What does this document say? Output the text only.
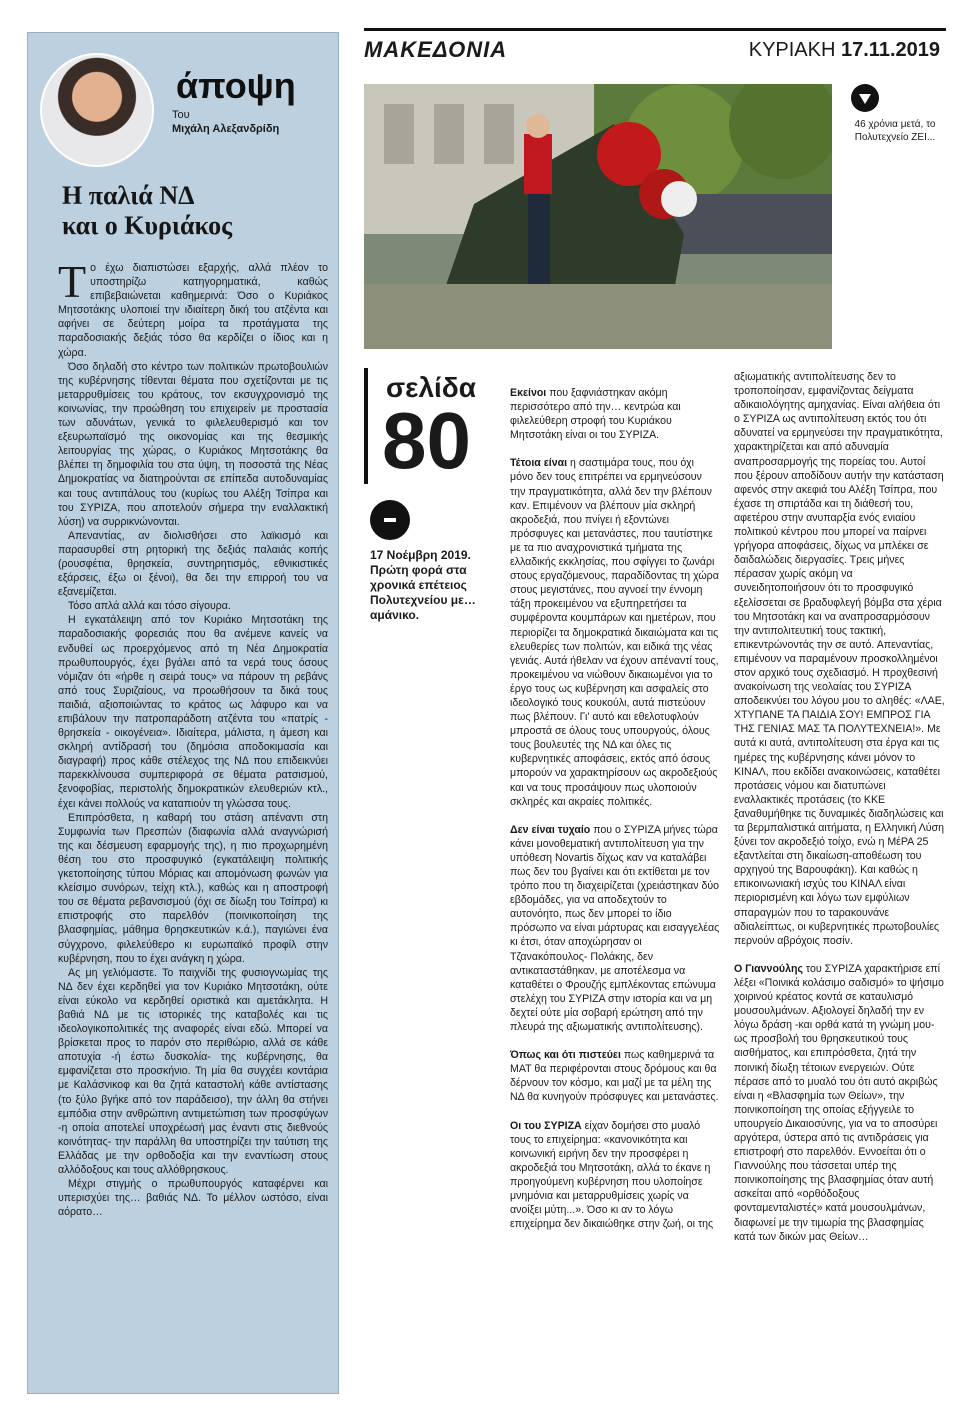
άποψη
Του
Μιχάλη Αλεξανδρίδη
Η παλιά ΝΔ
και ο Κυριάκος

Το έχω διαπιστώσει εξαρχής, αλλά πλέον το υποστηρίζω κατηγορηματικά, καθώς επιβεβαιώνεται καθημερινά: Όσο ο Κυριάκος Μητσοτάκης υλοποιεί την ιδιαίτερη δική του ατζέντα και αφήνει σε δεύτερη μοίρα τα προτάγματα της παραδοσιακής δεξιάς τόσο θα κερδίζει ο ίδιος και η χώρα.

Όσο δηλαδή στο κέντρο των πολιτικών πρωτοβουλιών της κυβέρνησης τίθενται θέματα που σχετίζονται με τις μεταρρυθμίσεις του κράτους, τον εκσυγχρονισμό της κοινωνίας, την προώθηση του επιχειρείν με προστασία των αδυνάτων, γενικά το φιλελευθερισμό και τον εξευρωπαϊσμό της οικονομίας και της θεσμικής λειτουργίας της χώρας, ο Κυριάκος Μητσοτάκης θα βλέπει τη δημοφιλία του στα ύψη, τη ποσοστά της Νέας Δημοκρατίας να διατηρούνται σε επίπεδα αυτοδυναμίας και τους αντιπάλους του (κυρίως του Αλέξη Τσίπρα και του ΣΥΡΙΖΑ, που αποτελούν σήμερα την εναλλακτική λύση) να συρρικνώνονται.

Απεναντίας, αν διολισθήσει στο λαϊκισμό και παρασυρθεί στη ρητορική της δεξιάς παλαιάς κοπής (ρουσφέτια, θρησκεία, συντηρητισμός, εθνικιστικές εξάρσεις, έξω οι ξένοι), θα δει την επιρροή του να εξανεμίζεται.

Τόσο απλά αλλά και τόσο σίγουρα.

Η εγκατάλειψη από τον Κυριάκο Μητσοτάκη της παραδοσιακής φορεσιάς που θα ανέμενε κανείς να ενδυθεί ως προερχόμενος από τη Νέα Δημοκρατία πρωθυπουργός, έχει βγάλει από τα νερά τους όσους νόμιζαν ότι «ήρθε η σειρά τους» να πάρουν τη ρεβάνς από τους Συριζαίους, να προωθήσουν τα δικά τους παιδιά, αξιοποιώντας το κράτος ως λάφυρο και να επιβάλουν την πατροπαράδοτη ατζέντα του «πατρίς - θρησκεία - οικογένεια». Ιδιαίτερα, μάλιστα, η άμεση και σκληρή αντίδρασή του (δημόσια αποδοκιμασία και διαγραφή) προς κάθε στέλεχος της ΝΔ που επιδεικνύει παρεκκλίνουσα συμπεριφορά σε θέματα ρατσισμού, ξενοφοβίας, περιστολής δημοκρατικών ελευθεριών κτλ., έχει κάνει πολλούς να καταπιούν τη γλώσσα τους.

Επιπρόσθετα, η καθαρή του στάση απέναντι στη Συμφωνία των Πρεσπών (διαφωνία αλλά αναγνώρισή της και δέσμευση εφαρμογής της), η πιο προχωρημένη θέση του στο προσφυγικό (εγκατάλειψη πολιτικής γκετοποίησης τύπου Μόριας και απομόνωση φωνών για κλείσιμο συνόρων, τείχη κτλ.), καθώς και η αποστροφή του σε θέματα ρεβανσισμού (όχι σε δίωξη του Τσίπρα) κι επιστροφής στο παρελθόν (ποινικοποίηση της βλασφημίας, μάθημα θρησκευτικών κ.ά.), παγιώνει ένα σύγχρονο, φιλελεύθερο κι ευρωπαϊκό προφίλ στην κυβέρνηση, που το έχει ανάγκη η χώρα.

Ας μη γελιόμαστε. Το παιχνίδι της φυσιογνωμίας της ΝΔ δεν έχει κερδηθεί για τον Κυριάκο Μητσοτάκη, ούτε είναι εύκολο να κερδηθεί οριστικά και αμετάκλητα. Η βαθιά ΝΔ με τις ιστορικές της καταβολές και τις ιδεολογικοπολιτικές της αναφορές είναι εδώ. Μπορεί να βρίσκεται προς το παρόν στο περιθώριο, αλλά σε κάθε αποτυχία -ή έστω δυσκολία- της κυβέρνησης, θα εμφανίζεται στο προσκήνιο. Τη μία θα συγχέει κοντάρια με Καλάσνικοφ και θα ζητά καταστολή κάθε αντίστασης (το ξύλο βγήκε από τον παράδεισο), την άλλη θα στήνει εμπόδια στην ανθρώπινη αντιμετώπιση των προσφύγων -η οποία αποτελεί υποχρέωσή μας έναντι στις διεθνούς κοινότητας- την παράλλη θα υποστηρίζει την ταύτιση της Ελλάδας με την ορθοδοξία και την εναντίωση στους αλλόδοξους και τους αλλόθρησκους.

Μέχρι στιγμής ο πρωθυπουργός καταφέρνει και υπερισχύει της… βαθιάς ΝΔ. Το μέλλον ωστόσο, είναι αόρατο…

ΜΑΚΕΔΟΝΙΑ	ΚΥΡΙΑΚΗ 17.11.2019
46 χρόνια μετά, το Πολυτεχνείο ΖΕΙ...
σελίδα
80
17 Νοέμβρη 2019. Πρώτη φορά στα χρονικά επέτειος Πολυτεχνείου με… αμάνικο.

Εκείνοι που ξαφνιάστηκαν ακόμη περισσότερο από την… κεντρώα και φιλελεύθερη στροφή του Κυριάκου Μητσοτάκη είναι οι του ΣΥΡΙΖΑ.

Τέτοια είναι η σαστιμάρα τους, που όχι μόνο δεν τους επιτρέπει να ερμηνεύσουν την πραγματικότητα, αλλά δεν την βλέπουν καν. Επιμένουν να βλέπουν μία σκληρή ακροδεξιά, που πνίγει ή εξοντώνει πρόσφυγες και μετανάστες, που ταυτίστηκε με τα πιο αναχρονιστικά τμήματα της ελλαδικής εκκλησίας, που σφίγγει το ζωνάρι στους εργαζόμενους, παραδίδοντας τη χώρα στους μεγιστάνες, που αγνοεί την έννομη τάξη προκειμένου να εξυπηρετήσει τα συμφέροντα κουμπάρων και ημετέρων, που περιορίζει τα δημοκρατικά δικαιώματα και τις ελευθερίες των πολιτών, και ειδικά της νέας γενιάς. Αυτά ήθελαν να έχουν απέναντί τους, προκειμένου να νιώθουν δικαιωμένοι για το έργο τους ως κυβέρνηση και ασφαλείς στο ιδεολογικό τους κουκούλι, αυτά πιστεύουν πως βλέπουν. Γι' αυτό και εθελοτυφλούν μπροστά σε όλους τους υπουργούς, όλους τους βουλευτές της ΝΔ και όλες τις κυβερνητικές αποφάσεις, εκτός από όσους μπορούν να χαρακτηρίσουν ως ακροδεξιούς και να τους προσάψουν πως υλοποιούν σκληρές και ακραίες πολιτικές.

Δεν είναι τυχαίο που ο ΣΥΡΙΖΑ μήνες τώρα κάνει μονοθεματική αντιπολίτευση για την υπόθεση Novartis δίχως καν να καταλάβει πως δεν του βγαίνει και ότι εκτίθεται με τον τρόπο που τη διαχειρίζεται (χρειάστηκαν δύο εβδομάδες, για να αποδεχτούν το αυτονόητο, πως δεν μπορεί το ίδιο πρόσωπο να είναι μάρτυρας και εισαγγελέας κι έτσι, όταν αποχώρησαν οι Τζανακόπουλος- Πολάκης, δεν αντικαταστάθηκαν, με αποτέλεσμα να καταθέτει ο Φρουζής εμπλέκοντας επώνυμα στελέχη του ΣΥΡΙΖΑ στην ιστορία και να μη δεχτεί ούτε μία σοβαρή ερώτηση από την πλευρά της αξιωματικής αντιπολίτευσης).

Όπως και ότι πιστεύει πως καθημερινά τα ΜΑΤ θα περιφέρονται στους δρόμους και θα δέρνουν τον κόσμο, και μαζί με τα μέλη της ΝΔ θα κυνηγούν πρόσφυγες και μετανάστες.

Οι του ΣΥΡΙΖΑ είχαν δομήσει στο μυαλό τους το επιχείρημα: «κανονικότητα και κοινωνική ειρήνη δεν την προσφέρει η ακροδεξιά του Μητσοτάκη, αλλά το έκανε η προηγούμενη κυβέρνηση που υλοποίησε μνημόνια και μεταρρυθμίσεις χωρίς να ανοίξει μύτη...». Όσο κι αν το λόγω επιχείρημα δεν δικαιώθηκε στην ζωή, οι της

αξιωματικής αντιπολίτευσης δεν το τροποποίησαν, εμφανίζοντας δείγματα αδικαιολόγητης αμηχανίας. Είναι αλήθεια ότι ο ΣΥΡΙΖΑ ως αντιπολίτευση εκτός του ότι αδυνατεί να ερμηνεύσει την πραγματικότητα, χαρακτηρίζεται και από αδυναμία αναπροσαρμογής της πορείας του. Αυτοί που ξέρουν αποδίδουν αυτήν την κατάσταση αφενός στην ακεφιά του Αλέξη Τσίπρα, που έχασε τη σπιρτάδα και τη διάθεσή του, αφετέρου στην ανυπαρξία ενός ενιαίου πολιτικού κέντρου που μπορεί να παίρνει γρήγορα αποφάσεις, δίχως να μπλέκει σε δαιδαλώδεις διεργασίες. Τρεις μήνες πέρασαν χωρίς ακόμη να συνειδητοποιήσουν ότι το προσφυγικό εξελίσσεται σε βραδυφλεγή βόμβα στα χέρια του Μητσοτάκη και να αναπροσαρμόσουν την αντιπολιτευτική τους τακτική, επικεντρώνοντάς την σε αυτό. Απεναντίας, επιμένουν να παραμένουν προσκολλημένοι στον αρχικό τους σχεδιασμό. Η προχθεσινή ανακοίνωση της νεολαίας του ΣΥΡΙΖΑ αποδεικνύει του λόγου μου το αληθές: «ΛΑΕ, ΧΤΥΠΑΝΕ ΤΑ ΠΑΙΔΙΑ ΣΟΥ! ΕΜΠΡΟΣ ΓΙΑ ΤΗΣ ΓΕΝΙΑΣ ΜΑΣ ΤΑ ΠΟΛΥΤΕΧΝΕΙΑ!». Με αυτά κι αυτά, αντιπολίτευση στα έργα και τις ημέρες της κυβέρνησης κάνει μόνον το ΚΙΝΑΛ, που εκδίδει ανακοινώσεις, καταθέτει προτάσεις νόμου και διατυπώνει εναλλακτικές προτάσεις (το ΚΚΕ ξαναθυμήθηκε τις δυναμικές διαδηλώσεις και τα βερμπαλιστικά αιτήματα, η Ελληνική Λύση ξύνει τον ακροδεξιό τοίχο, ενώ η ΜέΡΑ 25 εξαντλείται στη δικαίωση-αποθέωση του αρχηγού της Βαρουφάκη). Και καθώς η επικοινωνιακή ισχύς του ΚΙΝΑΛ είναι περιορισμένη και λόγω των εμφύλιων σπαραγμών που το ταρακουνάνε αδιαλείπτως, οι κυβερνητικές πρωτοβουλίες περνούν αβρόχοις ποσίν.

Ο Γιαννούλης του ΣΥΡΙΖΑ χαρακτήρισε επί λέξει «Ποινικά κολάσιμο σαδισμό» το ψήσιμο χοιρινού κρέατος κοντά σε καταυλισμό μουσουλμάνων. Αξιολογεί δηλαδή την εν λόγω δράση -και ορθά κατά τη γνώμη μου- ως προσβολή του θρησκευτικού τους αισθήματος, και επιπρόσθετα, ζητά την ποινική δίωξη τέτοιων ενεργειών. Ούτε πέρασε από το μυαλό του ότι αυτό ακριβώς είναι η «Βλασφημία των Θείων», την ποινικοποίηση της οποίας εξήγγειλε το υπουργείο Δικαιοσύνης, για να το αποσύρει αργότερα, ύστερα από τις αντιδράσεις για επιστροφή στο παρελθόν. Εννοείται ότι ο Γιαννούλης που τάσσεται υπέρ της ποινικοποίησης της βλασφημίας όταν αυτή ασκείται από «ορθόδοξους φονταμενταλιστές» κατά μουσουλμάνων, διαφωνεί με την τιμωρία της βλασφημίας κατά των δικών μας Θείων…
